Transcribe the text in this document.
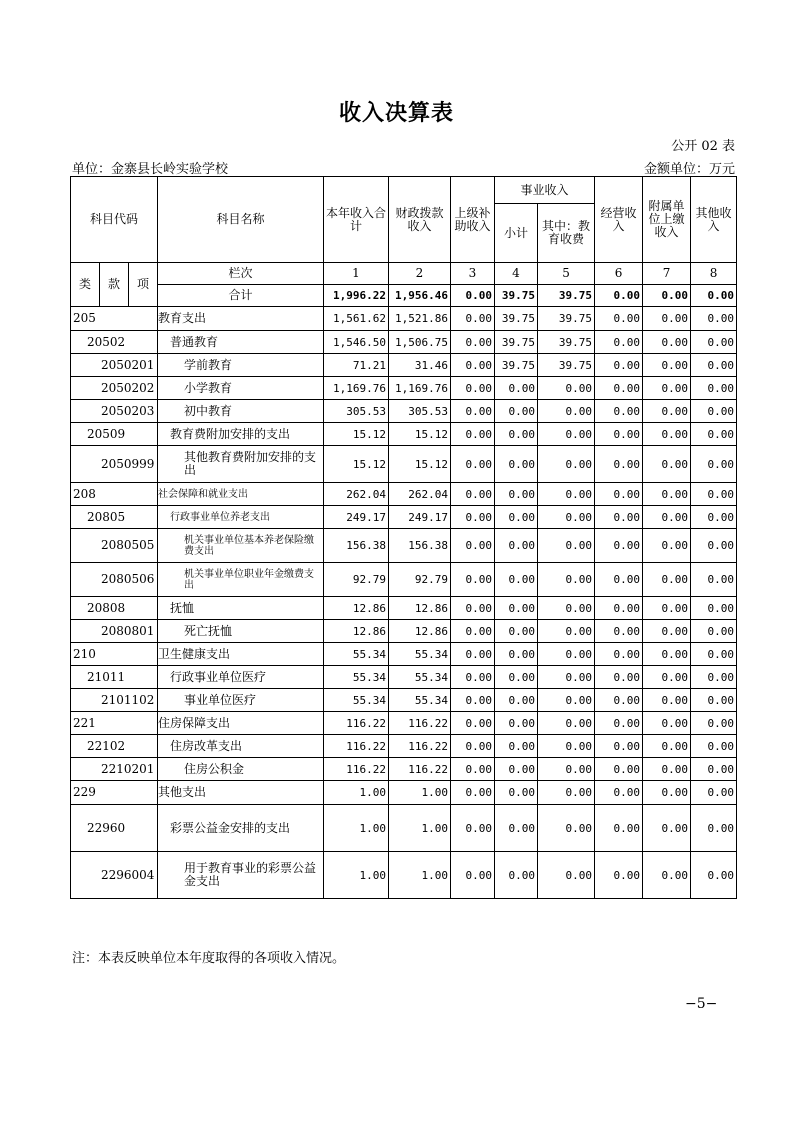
收入决算表
公开 02 表
单位：金寨县长岭实验学校	金额单位：万元
科目代码			科目名称	本年收入合计	财政拨款收入	上级补助收入	事业收入		经营收入	附属单位上缴收入	其他收入
							小计	其中：教育收费			

类	款	项	栏次	1	2	3	4	5	6	7	8
			合计	1,996.22	1,956.46	0.00	39.75	39.75	0.00	0.00	0.00
205			教育支出	1,561.62	1,521.86	0.00	39.75	39.75	0.00	0.00	0.00
20502			普通教育	1,546.50	1,506.75	0.00	39.75	39.75	0.00	0.00	0.00
2050201			学前教育	71.21	31.46	0.00	39.75	39.75	0.00	0.00	0.00
2050202			小学教育	1,169.76	1,169.76	0.00	0.00	0.00	0.00	0.00	0.00
2050203			初中教育	305.53	305.53	0.00	0.00	0.00	0.00	0.00	0.00
20509			教育费附加安排的支出	15.12	15.12	0.00	0.00	0.00	0.00	0.00	0.00
2050999			其他教育费附加安排的支出	15.12	15.12	0.00	0.00	0.00	0.00	0.00	0.00
208			社会保障和就业支出	262.04	262.04	0.00	0.00	0.00	0.00	0.00	0.00
20805			行政事业单位养老支出	249.17	249.17	0.00	0.00	0.00	0.00	0.00	0.00
2080505			机关事业单位基本养老保险缴费支出	156.38	156.38	0.00	0.00	0.00	0.00	0.00	0.00
2080506			机关事业单位职业年金缴费支出	92.79	92.79	0.00	0.00	0.00	0.00	0.00	0.00
20808			抚恤	12.86	12.86	0.00	0.00	0.00	0.00	0.00	0.00
2080801			死亡抚恤	12.86	12.86	0.00	0.00	0.00	0.00	0.00	0.00
210			卫生健康支出	55.34	55.34	0.00	0.00	0.00	0.00	0.00	0.00
21011			行政事业单位医疗	55.34	55.34	0.00	0.00	0.00	0.00	0.00	0.00
2101102			事业单位医疗	55.34	55.34	0.00	0.00	0.00	0.00	0.00	0.00
221			住房保障支出	116.22	116.22	0.00	0.00	0.00	0.00	0.00	0.00
22102			住房改革支出	116.22	116.22	0.00	0.00	0.00	0.00	0.00	0.00
2210201			住房公积金	116.22	116.22	0.00	0.00	0.00	0.00	0.00	0.00
229			其他支出	1.00	1.00	0.00	0.00	0.00	0.00	0.00	0.00
22960			彩票公益金安排的支出	1.00	1.00	0.00	0.00	0.00	0.00	0.00	0.00
2296004			用于教育事业的彩票公益金支出	1.00	1.00	0.00	0.00	0.00	0.00	0.00	0.00
注：本表反映单位本年度取得的各项收入情况。
−5−
